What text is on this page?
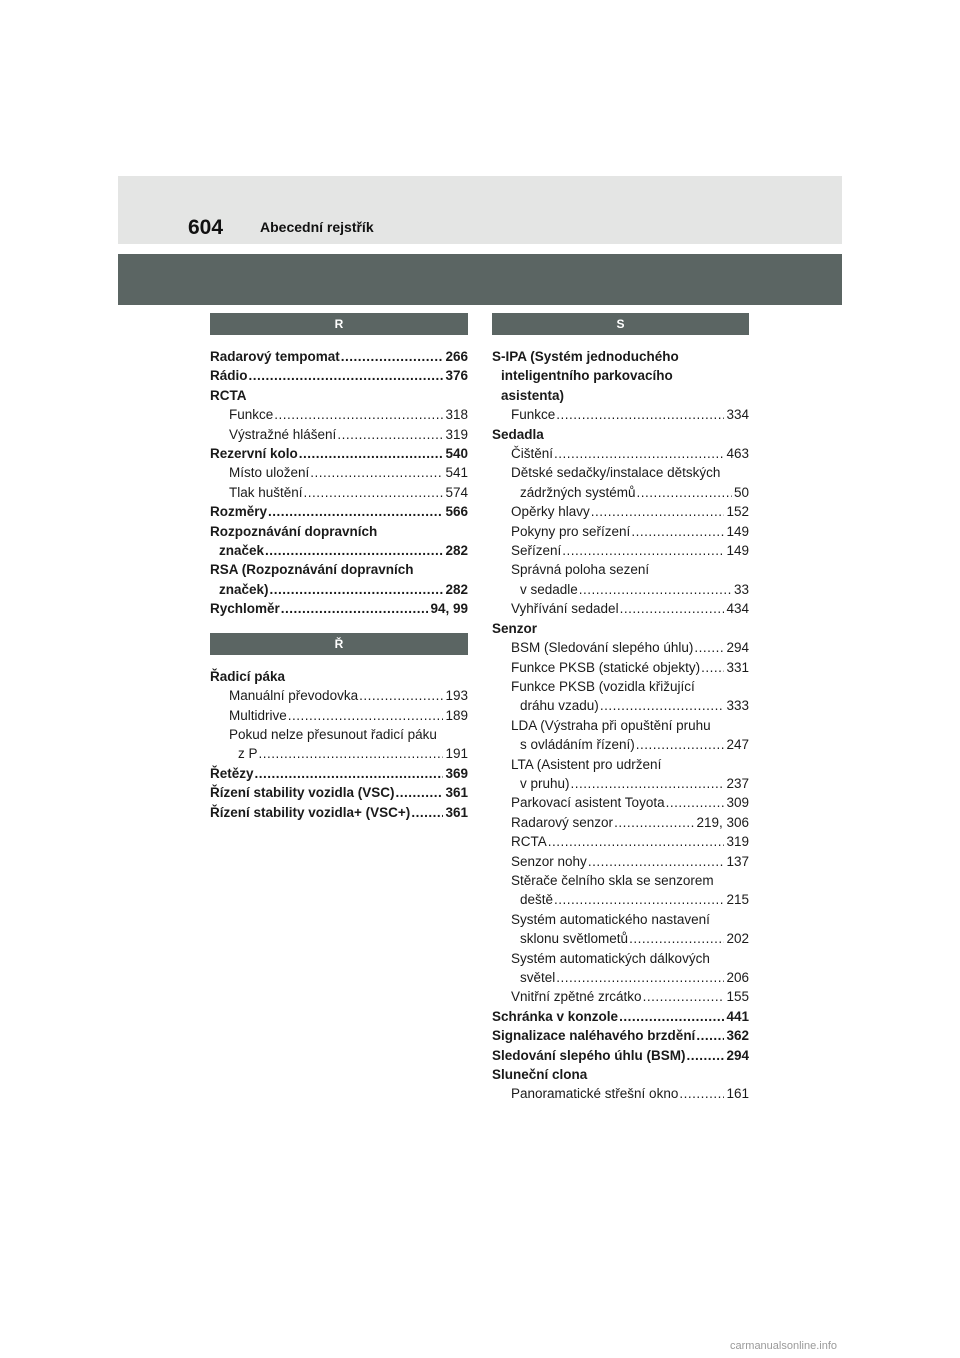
604	Abecední rejstřík
R
Radarový tempomat .....	266
Rádio .....	376
RCTA
Funkce .....	318
Výstražné hlášení .....	319
Rezervní kolo .....	540
Místo uložení .....	541
Tlak huštění .....	574
Rozměry .....	566
Rozpoznávání dopravních
značek .....	282
RSA (Rozpoznávání dopravních
značek) .....	282
Rychloměr .....	94, 99
Ř
Řadicí páka
Manuální převodovka .....	193
Multidrive .....	189
Pokud nelze přesunout řadicí páku
z P .....	191
Řetězy .....	369
Řízení stability vozidla (VSC) .....	361
Řízení stability vozidla+ (VSC+) .....	361
S
S-IPA (Systém jednoduchého
inteligentního parkovacího
asistenta)
Funkce .....	334
Sedadla
Čištění .....	463
Dětské sedačky/instalace dětských
zádržných systémů .....	50
Opěrky hlavy .....	152
Pokyny pro seřízení .....	149
Seřízení .....	149
Správná poloha sezení
v sedadle .....	33
Vyhřívání sedadel .....	434
Senzor
BSM (Sledování slepého úhlu) ..... 294
Funkce PKSB (statické objekty) ..... 331
Funkce PKSB (vozidla křižující
dráhu vzadu) .....	333
LDA (Výstraha při opuštění pruhu
s ovládáním řízení) .....	247
LTA (Asistent pro udržení
v pruhu) .....	237
Parkovací asistent Toyota .....	309
Radarový senzor .....	219, 306
RCTA .....	319
Senzor nohy .....	137
Stěrače čelního skla se senzorem
deště .....	215
Systém automatického nastavení
sklonu světlometů .....	202
Systém automatických dálkových
světel .....	206
Vnitřní zpětné zrcátko .....	155
Schránka v konzole .....	441
Signalizace naléhavého brzdění ..... 362
Sledování slepého úhlu (BSM) .....	294
Sluneční clona
Panoramatické střešní okno .....	161
carmanualsonline.info
